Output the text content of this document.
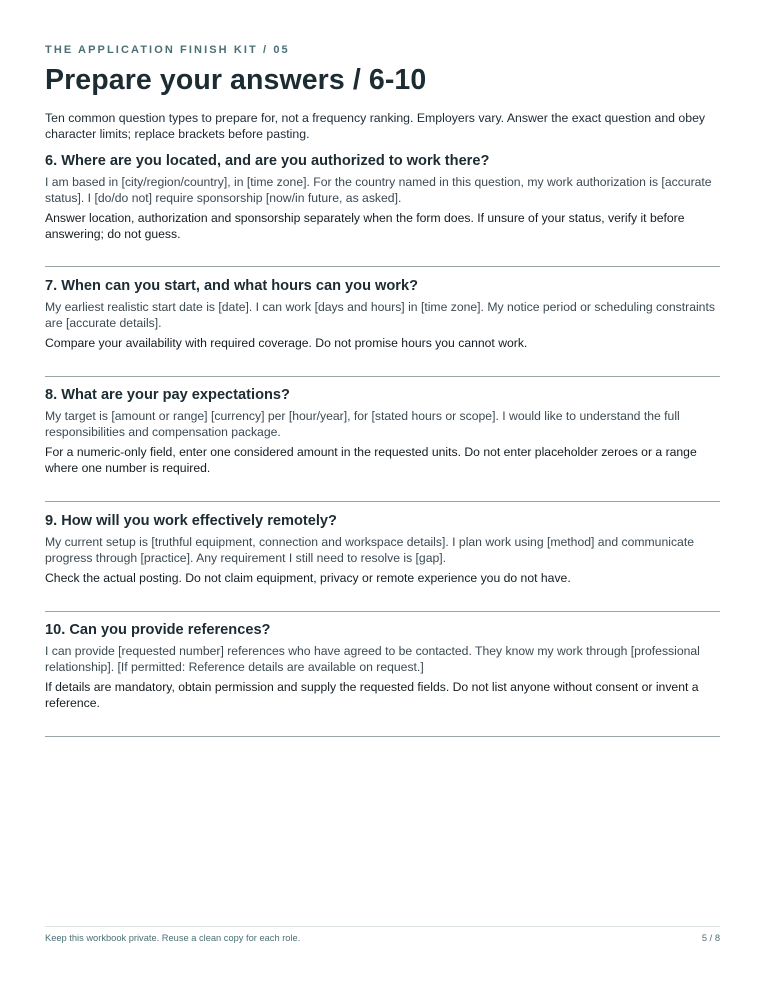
THE APPLICATION FINISH KIT / 05
Prepare your answers / 6-10

Ten common question types to prepare for, not a frequency ranking. Employers vary. Answer the exact question and obey character limits; replace brackets before pasting.

6. Where are you located, and are you authorized to work there?

I am based in [city/region/country], in [time zone]. For the country named in this question, my work authorization is [accurate status]. I [do/do not] require sponsorship [now/in future, as asked].

Answer location, authorization and sponsorship separately when the form does. If unsure of your status, verify it before answering; do not guess.

7. When can you start, and what hours can you work?

My earliest realistic start date is [date]. I can work [days and hours] in [time zone]. My notice period or scheduling constraints are [accurate details].

Compare your availability with required coverage. Do not promise hours you cannot work.

8. What are your pay expectations?

My target is [amount or range] [currency] per [hour/year], for [stated hours or scope]. I would like to understand the full responsibilities and compensation package.

For a numeric-only field, enter one considered amount in the requested units. Do not enter placeholder zeroes or a range where one number is required.

9. How will you work effectively remotely?

My current setup is [truthful equipment, connection and workspace details]. I plan work using [method] and communicate progress through [practice]. Any requirement I still need to resolve is [gap].

Check the actual posting. Do not claim equipment, privacy or remote experience you do not have.

10. Can you provide references?

I can provide [requested number] references who have agreed to be contacted. They know my work through [professional relationship]. [If permitted: Reference details are available on request.]

If details are mandatory, obtain permission and supply the requested fields. Do not list anyone without consent or invent a reference.

Keep this workbook private. Reuse a clean copy for each role.	5 / 8
